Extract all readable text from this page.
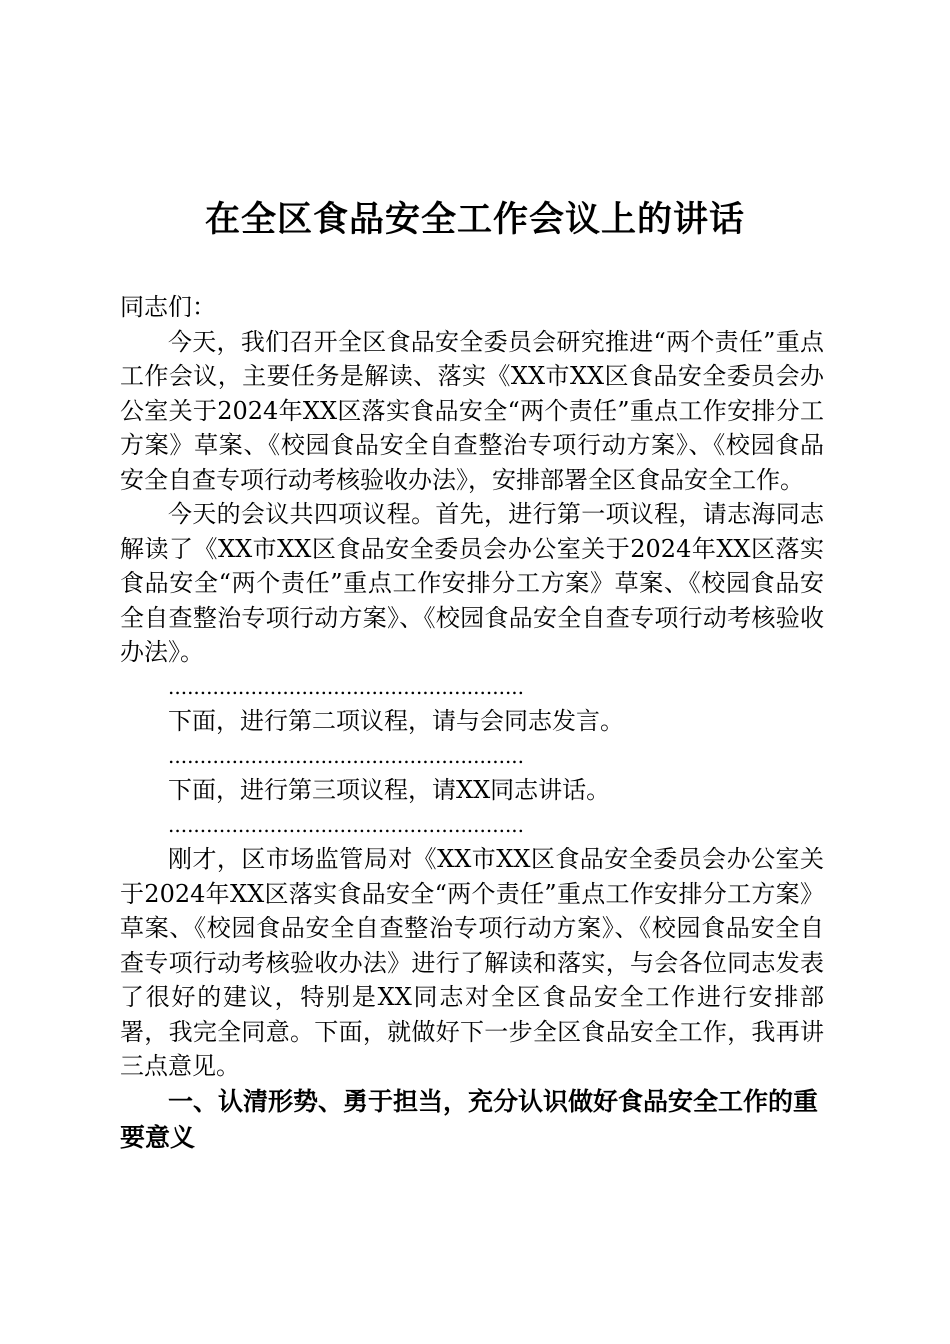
在全区食品安全工作会议上的讲话

同志们：

今天，我们召开全区食品安全委员会研究推进“两个责任”重点工作会议，主要任务是解读、落实《XX市XX区食品安全委员会办公室关于2024年XX区落实食品安全“两个责任”重点工作安排分工方案》草案、《校园食品安全自查整治专项行动方案》、《校园食品安全自查专项行动考核验收办法》，安排部署全区食品安全工作。

今天的会议共四项议程。首先，进行第一项议程，请志海同志解读了《XX市XX区食品安全委员会办公室关于2024年XX区落实食品安全“两个责任”重点工作安排分工方案》草案、《校园食品安全自查整治专项行动方案》、《校园食品安全自查专项行动考核验收办法》。

........................................................

下面，进行第二项议程，请与会同志发言。

........................................................

下面，进行第三项议程，请XX同志讲话。

........................................................

刚才，区市场监管局对《XX市XX区食品安全委员会办公室关于2024年XX区落实食品安全“两个责任”重点工作安排分工方案》草案、《校园食品安全自查整治专项行动方案》、《校园食品安全自查专项行动考核验收办法》进行了解读和落实，与会各位同志发表了很好的建议，特别是XX同志对全区食品安全工作进行安排部署，我完全同意。下面，就做好下一步全区食品安全工作，我再讲三点意见。

一、认清形势、勇于担当，充分认识做好食品安全工作的重要意义
